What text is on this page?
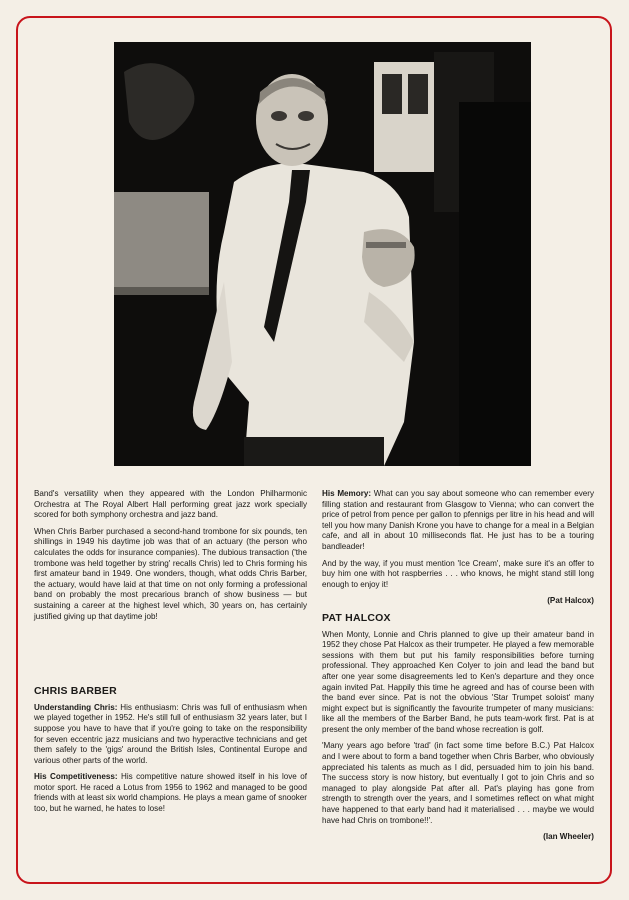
Band's versatility when they appeared with the London Philharmonic Orchestra at The Royal Albert Hall performing great jazz work specially scored for both symphony orchestra and jazz band.

When Chris Barber purchased a second-hand trombone for six pounds, ten shillings in 1949 his daytime job was that of an actuary (the person who calculates the odds for insurance companies). The dubious transaction ('the trombone was held together by string' recalls Chris) led to Chris forming his first amateur band in 1949. One wonders, though, what odds Chris Barber, the actuary, would have laid at that time on not only forming a professional band on probably the most precarious branch of show business — but sustaining a career at the highest level which, 30 years on, has certainly justified giving up that daytime job!

CHRIS BARBER

Understanding Chris: His enthusiasm: Chris was full of enthusiasm when we played together in 1952. He's still full of enthusiasm 32 years later, but I suppose you have to have that if you're going to take on the responsibility for seven eccentric jazz musicians and two hyperactive technicians and get them safely to the 'gigs' around the British Isles, Continental Europe and various other parts of the world.

His Competitiveness: His competitive nature showed itself in his love of motor sport. He raced a Lotus from 1956 to 1962 and managed to be good friends with at least six world champions. He plays a mean game of snooker too, but he warned, he hates to lose!

His Memory: What can you say about someone who can remember every filling station and restaurant from Glasgow to Vienna; who can convert the price of petrol from pence per gallon to pfennigs per litre in his head and will tell you how many Danish Krone you have to change for a meal in a Belgian cafe, and all in about 10 milliseconds flat. He just has to be a touring bandleader!

And by the way, if you must mention 'Ice Cream', make sure it's an offer to buy him one with hot raspberries . . . who knows, he might stand still long enough to enjoy it!

(Pat Halcox)

PAT HALCOX

When Monty, Lonnie and Chris planned to give up their amateur band in 1952 they chose Pat Halcox as their trumpeter. He played a few memorable sessions with them but put his family responsibilities before turning professional. They approached Ken Colyer to join and lead the band but after one year some disagreements led to Ken's departure and they once again invited Pat. Happily this time he agreed and has of course been with the band ever since. Pat is not the obvious 'Star Trumpet soloist' many might expect but is significantly the favourite trumpeter of many musicians: like all the members of the Barber Band, he puts team-work first. Pat is at present the only member of the band whose recreation is golf.

'Many years ago before 'trad' (in fact some time before B.C.) Pat Halcox and I were about to form a band together when Chris Barber, who obviously appreciated his talents as much as I did, persuaded him to join his band. The success story is now history, but eventually I got to join Chris and so managed to play alongside Pat after all. Pat's playing has gone from strength to strength over the years, and I sometimes reflect on what might have happened to that early band had it materialised . . . maybe we would have had Chris on trombone!!'.

(Ian Wheeler)
